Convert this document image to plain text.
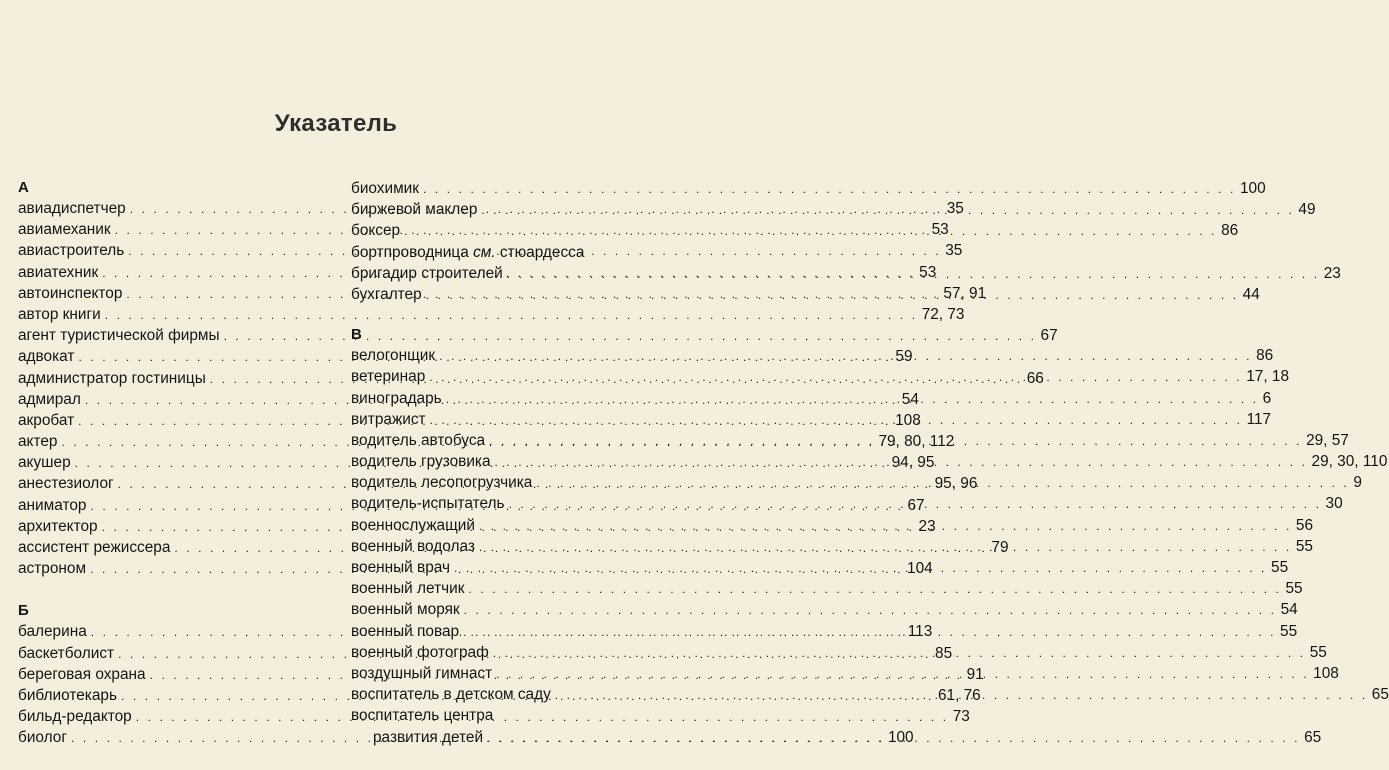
Указатель
А
авиадиспетчер . . .	35
авиамеханик . . .	53
авиастроитель . . .	35
авиатехник . . .	53
автоинспектор . . .	57, 91
автор книги . . .	72, 73
агент туристической фирмы . . .	67
адвокат . . .	59
администратор гостиницы . . .	66
адмирал . . .	54
акробат . . .	108
актер . . .	79, 80, 112
акушер . . .	94, 95
анестезиолог . . .	95, 96
аниматор . . .	67
архитектор . . .	23
ассистент режиссера . . .	79
астроном . . .	104
Б
балерина . . .	113
баскетболист . . .	85
береговая охрана . . .	91
библиотекарь . . .	61, 76
бильд-редактор . . .	73
биолог . . .	100
биохимик . . .	100
биржевой маклер . . .	49
боксер . . .	86
бортпроводница см. стюардесса
бригадир строителей . . .	23
бухгалтер . . .	44
В
велогонщик . . .	86
ветеринар . . .	17, 18
виноградарь . . .	6
витражист . . .	117
водитель автобуса . . .	29, 57
водитель грузовика . . .	29, 30, 110
водитель лесопогрузчика . . .	9
водитель-испытатель . . .	30
военнослужащий . . .	56
военный водолаз . . .	55
военный врач . . .	55
военный летчик . . .	55
военный моряк . . .	54
военный повар . . .	55
военный фотограф . . .	55
воздушный гимнаст . . .	108
воспитатель в детском саду . . .	65
воспитатель центра
развития детей . . .	65
